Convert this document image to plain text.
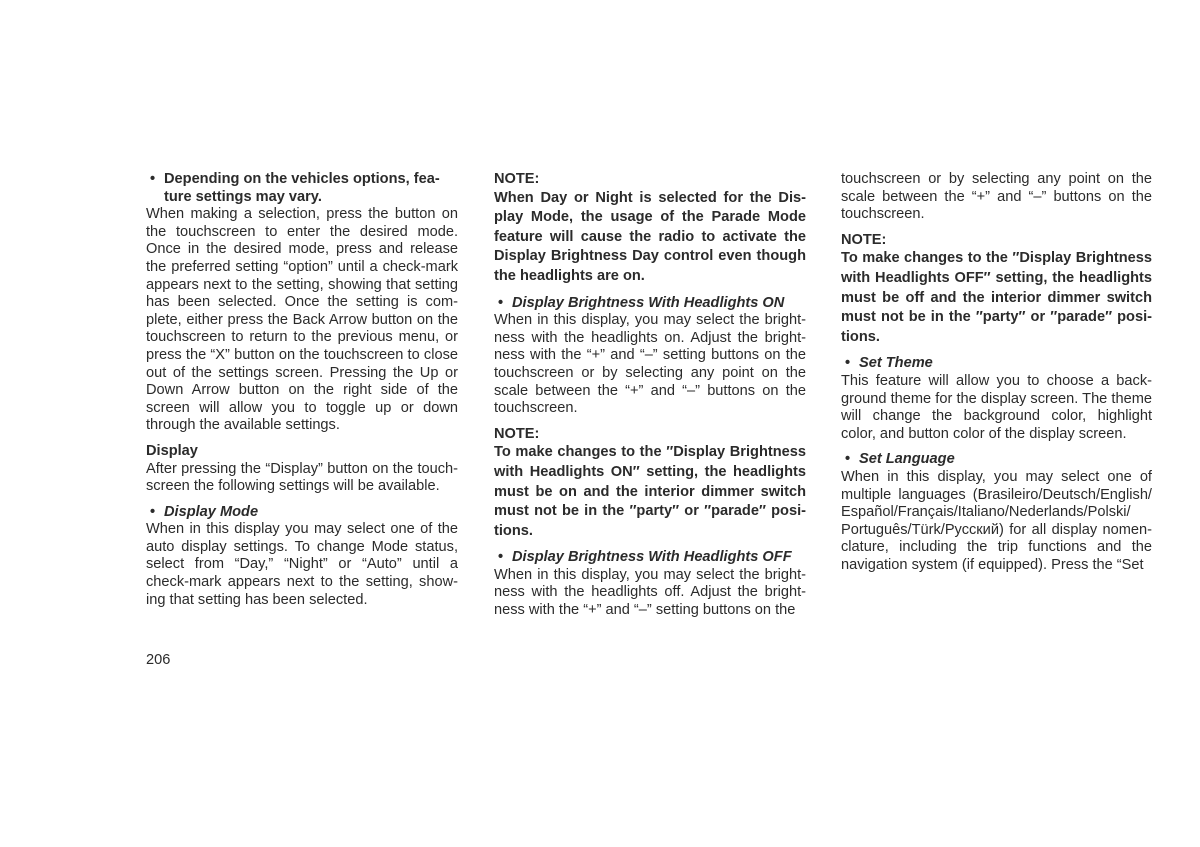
• Depending on the vehicles options, fea-
ture settings may vary.

When making a selection, press the button on the touchscreen to enter the desired mode. Once in the desired mode, press and release the preferred setting “option” until a check-mark appears next to the setting, showing that setting has been selected. Once the setting is com-plete, either press the Back Arrow button on the touchscreen to return to the previous menu, or press the “X” button on the touchscreen to close out of the settings screen. Pressing the Up or Down Arrow button on the right side of the screen will allow you to toggle up or down through the available settings.

Display

After pressing the “Display” button on the touch-screen the following settings will be available.

• Display Mode

When in this display you may select one of the auto display settings. To change Mode status, select from “Day,” “Night” or “Auto” until a check-mark appears next to the setting, show-ing that setting has been selected.

NOTE:

When Day or Night is selected for the Dis-play Mode, the usage of the Parade Mode feature will cause the radio to activate the Display Brightness Day control even though the headlights are on.

• Display Brightness With Headlights ON

When in this display, you may select the bright-ness with the headlights on. Adjust the bright-ness with the “+” and “–” setting buttons on the touchscreen or by selecting any point on the scale between the “+” and “–” buttons on the touchscreen.

NOTE:

To make changes to the ″Display Brightness with Headlights ON″ setting, the headlights must be on and the interior dimmer switch must not be in the ″party″ or ″parade″ posi-tions.

• Display Brightness With Headlights OFF

When in this display, you may select the bright-ness with the headlights off. Adjust the bright-ness with the “+” and “–” setting buttons on the

touchscreen or by selecting any point on the scale between the “+” and “–” buttons on the touchscreen.

NOTE:

To make changes to the ″Display Brightness with Headlights OFF″ setting, the headlights must be off and the interior dimmer switch must not be in the ″party″ or ″parade″ posi-tions.

• Set Theme

This feature will allow you to choose a back-ground theme for the display screen. The theme will change the background color, highlight color, and button color of the display screen.

• Set Language

When in this display, you may select one of multiple languages (Brasileiro/Deutsch/English/ Español/Français/Italiano/Nederlands/Polski/ Português/Türk/Русский) for all display nomen-clature, including the trip functions and the navigation system (if equipped). Press the “Set

206
